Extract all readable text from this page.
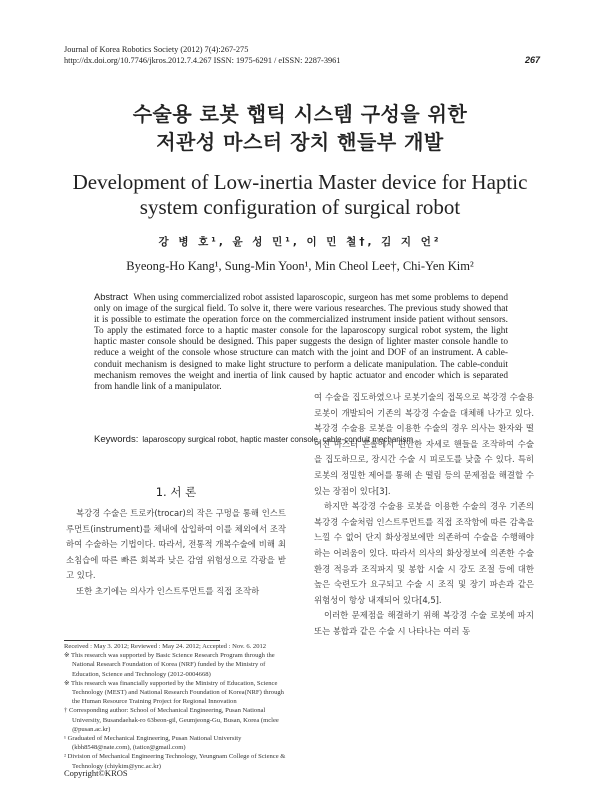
Journal of Korea Robotics Society (2012) 7(4):267-275
http://dx.doi.org/10.7746/jkros.2012.7.4.267 ISSN: 1975-6291 / eISSN: 2287-3961	267
수술용 로봇 햅틱 시스템 구성을 위한
저관성 마스터 장치 핸들부 개발
Development of Low-inertia Master device for Haptic
system configuration of surgical robot
강 병 호¹, 윤 성 민¹, 이 민 철†, 김 지 언²
Byeong-Ho Kang¹, Sung-Min Yoon¹, Min Cheol Lee†, Chi-Yen Kim²
Abstract When using commercialized robot assisted laparoscopic, surgeon has met some problems to depend only on image of the surgical field. To solve it, there were various researches. The previous study showed that it is possible to estimate the operation force on the commercialized instrument inside patient without sensors. To apply the estimated force to a haptic master console for the laparoscopy surgical robot system, the light haptic master console should be designed. This paper suggests the design of lighter master console handle to reduce a weight of the console whose structure can match with the joint and DOF of an instrument. A cable-conduit mechanism is designed to make light structure to perform a delicate manipulation. The cable-conduit mechanism removes the weight and inertia of link caused by haptic actuator and encoder which is separated from handle link of a manipulator.
Keywords: laparoscopy surgical robot, haptic master console, cable-conduit mechanism
1. 서 론

복강경 수술은 트로카(trocar)의 작은 구멍을 통해 인스트루먼트(instrument)를 체내에 삽입하여 이를 체외에서 조작하여 수술하는 기법이다. 따라서, 전통적 개복수술에 비해 최소침습에 따른 빠른 회복과 낮은 감염 위험성으로 각광을 받고 있다.

또한 초기에는 의사가 인스트루먼트를 직접 조작하

여 수술을 집도하였으나 로봇기술의 접목으로 복강경 수술용 로봇이 개발되어 기존의 복강경 수술을 대체해 나가고 있다. 복강경 수술용 로봇을 이용한 수술의 경우 의사는 환자와 떨어진 마스터 콘솔에서 편안한 자세로 핸들을 조작하여 수술을 집도하므로, 장시간 수술 시 피로도를 낮출 수 있다. 특히 로봇의 정밀한 제어를 통해 손 떨림 등의 문제점을 해결할 수 있는 장점이 있다[3].

하지만 복강경 수술용 로봇을 이용한 수술의 경우 기존의 복강경 수술처럼 인스트루먼트를 직접 조작함에 따른 감촉을 느낄 수 없어 단지 화상정보에만 의존하여 수술을 수행해야 하는 어려움이 있다. 따라서 의사의 화상정보에 의존한 수술환경 적응과 조직파지 및 봉합 시술 시 강도 조절 등에 대한 높은 숙련도가 요구되고 수술 시 조직 및 장기 파손과 같은 위험성이 항상 내재되어 있다[4,5].

이러한 문제점을 해결하기 위해 복강경 수술 로봇에 파지 또는 봉합과 같은 수술 시 나타나는 여러 동

Received : May 3. 2012; Reviewed : May 24. 2012; Accepted : Nov. 6. 2012

※ This research was supported by Basic Science Research Program through the National Research Foundation of Korea (NRF) funded by the Ministry of Education, Science and Technology (2012-0004668)

※ This research was financially supported by the Ministry of Education, Science Technology (MEST) and National Research Foundation of Korea(NRF) through the Human Resource Training Project for Regional Innovation

† Corresponding author: School of Mechanical Engineering, Pusan National University, Busandaehak-ro 63beon-gil, Geumjeong-Gu, Busan, Korea (mclee @pusan.ac.kr)

¹ Graduated of Mechanical Engineering, Pusan National University (kbh8548@nate.com), (tatice@gmail.com)

² Division of Mechanical Engineering Technology, Yeungnam College of Science & Technology (chiykim@ync.ac.kr)

Copyright©KROS
